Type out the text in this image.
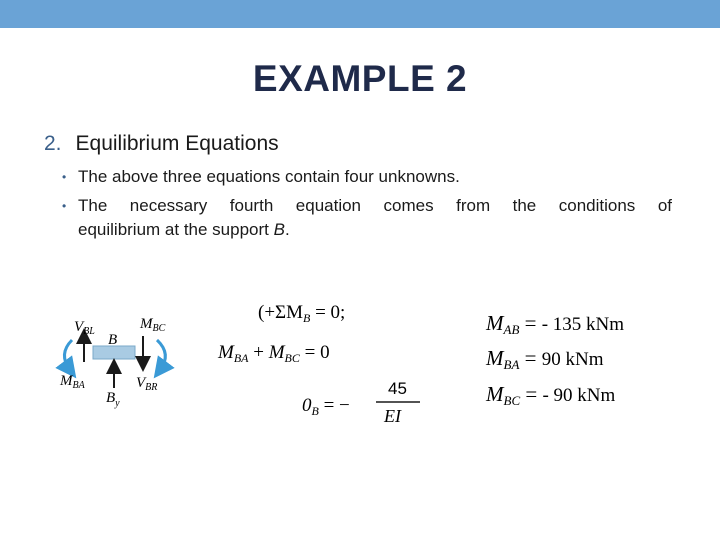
EXAMPLE 2
2. Equilibrium Equations
• The above three equations contain four unknowns.
• The necessary fourth equation comes from the conditions of
equilibrium at the support B.
$V_{BL}$
B
$M_{BC}$
$M_{BA}$
$B_y$
$V_{BR}$
($+\Sigma M_B = 0$;
$M_{BA} + M_{BC} = 0$
$0_B$ = −
45
EI
MAB = - 135 kNm
MBA = 90 kNm
MBC = - 90 kNm
